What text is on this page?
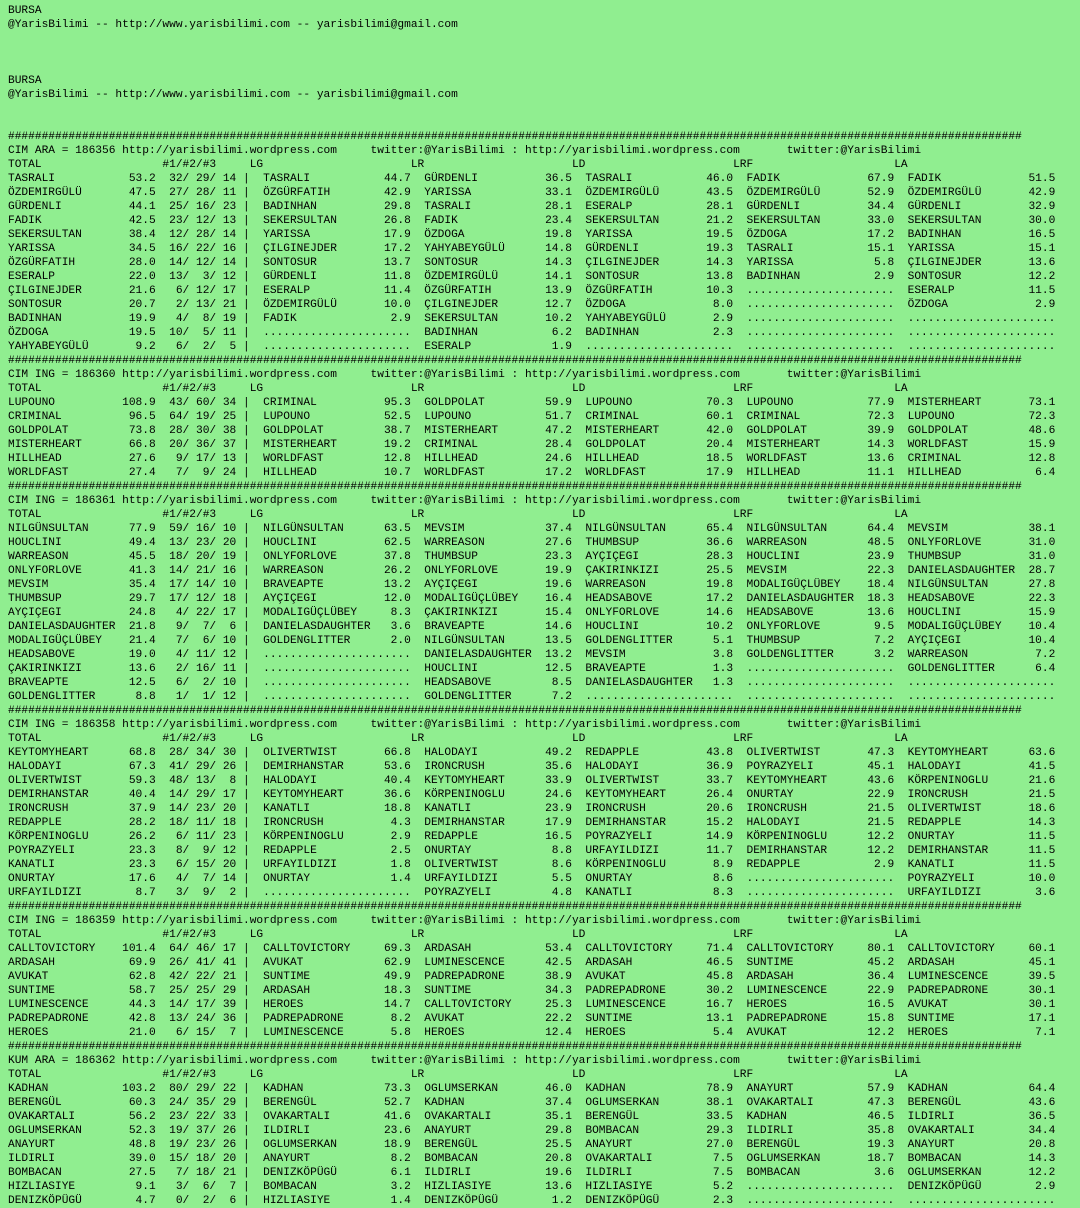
BURSA
@YarisBilimi -- http://www.yarisbilimi.com -- yarisbilimi@gmail.com

BURSA
@YarisBilimi -- http://www.yarisbilimi.com -- yarisbilimi@gmail.com

#######################################################################################################################################################
CIM ARA = 186356 http://yarisbilimi.wordpress.com     twitter:@YarisBilimi : http://yarisbilimi.wordpress.com       twitter:@YarisBilimi
TOTAL                  #1/#2/#3     LG                      LR                      LD                      LRF                     LA
TASRALI           53.2  32/ 29/ 14 |  TASRALI           44.7  GÜRDENLI          36.5  TASRALI           46.0  FADIK             67.9  FADIK             51.5
ÖZDEMIRGÜLÜ       47.5  27/ 28/ 11 |  ÖZGÜRFATIH        42.9  YARISSA           33.1  ÖZDEMIRGÜLÜ       43.5  ÖZDEMIRGÜLÜ       52.9  ÖZDEMIRGÜLÜ       42.9
GÜRDENLI          44.1  25/ 16/ 23 |  BADINHAN          29.8  TASRALI           28.1  ESERALP           28.1  GÜRDENLI          34.4  GÜRDENLI          32.9
FADIK             42.5  23/ 12/ 13 |  SEKERSULTAN       26.8  FADIK             23.4  SEKERSULTAN       21.2  SEKERSULTAN       33.0  SEKERSULTAN       30.0
SEKERSULTAN       38.4  12/ 28/ 14 |  YARISSA           17.9  ÖZDOGA            19.8  YARISSA           19.5  ÖZDOGA            17.2  BADINHAN          16.5
YARISSA           34.5  16/ 22/ 16 |  ÇILGINEJDER       17.2  YAHYABEYGÜLÜ      14.8  GÜRDENLI          19.3  TASRALI           15.1  YARISSA           15.1
ÖZGÜRFATIH        28.0  14/ 12/ 14 |  SONTOSUR          13.7  SONTOSUR          14.3  ÇILGINEJDER       14.3  YARISSA            5.8  ÇILGINEJDER       13.6
ESERALP           22.0  13/  3/ 12 |  GÜRDENLI          11.8  ÖZDEMIRGÜLÜ       14.1  SONTOSUR          13.8  BADINHAN           2.9  SONTOSUR          12.2
ÇILGINEJDER       21.6   6/ 12/ 17 |  ESERALP           11.4  ÖZGÜRFATIH        13.9  ÖZGÜRFATIH        10.3  ......................  ESERALP           11.5
SONTOSUR          20.7   2/ 13/ 21 |  ÖZDEMIRGÜLÜ       10.0  ÇILGINEJDER       12.7  ÖZDOGA             8.0  ......................  ÖZDOGA             2.9
BADINHAN          19.9   4/  8/ 19 |  FADIK              2.9  SEKERSULTAN       10.2  YAHYABEYGÜLÜ       2.9  ......................  ......................
ÖZDOGA            19.5  10/  5/ 11 |  ......................  BADINHAN           6.2  BADINHAN           2.3  ......................  ......................
YAHYABEYGÜLÜ       9.2   6/  2/  5 |  ......................  ESERALP            1.9  ......................  ......................  ......................
#######################################################################################################################################################
CIM ING = 186360 http://yarisbilimi.wordpress.com     twitter:@YarisBilimi : http://yarisbilimi.wordpress.com       twitter:@YarisBilimi
TOTAL                  #1/#2/#3     LG                      LR                      LD                      LRF                     LA
LUPOUNO          108.9  43/ 60/ 34 |  CRIMINAL          95.3  GOLDPOLAT         59.9  LUPOUNO           70.3  LUPOUNO           77.9  MISTERHEART       73.1
CRIMINAL          96.5  64/ 19/ 25 |  LUPOUNO           52.5  LUPOUNO           51.7  CRIMINAL          60.1  CRIMINAL          72.3  LUPOUNO           72.3
GOLDPOLAT         73.8  28/ 30/ 38 |  GOLDPOLAT         38.7  MISTERHEART       47.2  MISTERHEART       42.0  GOLDPOLAT         39.9  GOLDPOLAT         48.6
MISTERHEART       66.8  20/ 36/ 37 |  MISTERHEART       19.2  CRIMINAL          28.4  GOLDPOLAT         20.4  MISTERHEART       14.3  WORLDFAST         15.9
HILLHEAD          27.6   9/ 17/ 13 |  WORLDFAST         12.8  HILLHEAD          24.6  HILLHEAD          18.5  WORLDFAST         13.6  CRIMINAL          12.8
WORLDFAST         27.4   7/  9/ 24 |  HILLHEAD          10.7  WORLDFAST         17.2  WORLDFAST         17.9  HILLHEAD          11.1  HILLHEAD           6.4
#######################################################################################################################################################
CIM ING = 186361 http://yarisbilimi.wordpress.com     twitter:@YarisBilimi : http://yarisbilimi.wordpress.com       twitter:@YarisBilimi
TOTAL                  #1/#2/#3     LG                      LR                      LD                      LRF                     LA
NILGÜNSULTAN      77.9  59/ 16/ 10 |  NILGÜNSULTAN      63.5  MEVSIM            37.4  NILGÜNSULTAN      65.4  NILGÜNSULTAN      64.4  MEVSIM            38.1
HOUCLINI          49.4  13/ 23/ 20 |  HOUCLINI          62.5  WARREASON         27.6  THUMBSUP          36.6  WARREASON         48.5  ONLYFORLOVE       31.0
WARREASON         45.5  18/ 20/ 19 |  ONLYFORLOVE       37.8  THUMBSUP          23.3  AYÇIÇEGI          28.3  HOUCLINI          23.9  THUMBSUP          31.0
ONLYFORLOVE       41.3  14/ 21/ 16 |  WARREASON         26.2  ONLYFORLOVE       19.9  ÇAKIRINKIZI       25.5  MEVSIM            22.3  DANIELASDAUGHTER  28.7
MEVSIM            35.4  17/ 14/ 10 |  BRAVEAPTE         13.2  AYÇIÇEGI          19.6  WARREASON         19.8  MODALIGÜÇLÜBEY    18.4  NILGÜNSULTAN      27.8
THUMBSUP          29.7  17/ 12/ 18 |  AYÇIÇEGI          12.0  MODALIGÜÇLÜBEY    16.4  HEADSABOVE        17.2  DANIELASDAUGHTER  18.3  HEADSABOVE        22.3
AYÇIÇEGI          24.8   4/ 22/ 17 |  MODALIGÜÇLÜBEY     8.3  ÇAKIRINKIZI       15.4  ONLYFORLOVE       14.6  HEADSABOVE        13.6  HOUCLINI          15.9
DANIELASDAUGHTER  21.8   9/  7/  6 |  DANIELASDAUGHTER   3.6  BRAVEAPTE         14.6  HOUCLINI          10.2  ONLYFORLOVE        9.5  MODALIGÜÇLÜBEY    10.4
MODALIGÜÇLÜBEY    21.4   7/  6/ 10 |  GOLDENGLITTER      2.0  NILGÜNSULTAN      13.5  GOLDENGLITTER      5.1  THUMBSUP           7.2  AYÇIÇEGI          10.4
HEADSABOVE        19.0   4/ 11/ 12 |  ......................  DANIELASDAUGHTER  13.2  MEVSIM             3.8  GOLDENGLITTER      3.2  WARREASON          7.2
ÇAKIRINKIZI       13.6   2/ 16/ 11 |  ......................  HOUCLINI          12.5  BRAVEAPTE          1.3  ......................  GOLDENGLITTER      6.4
BRAVEAPTE         12.5   6/  2/ 10 |  ......................  HEADSABOVE         8.5  DANIELASDAUGHTER   1.3  ......................  ......................
GOLDENGLITTER      8.8   1/  1/ 12 |  ......................  GOLDENGLITTER      7.2  ......................  ......................  ......................
#######################################################################################################################################################
CIM ING = 186358 http://yarisbilimi.wordpress.com     twitter:@YarisBilimi : http://yarisbilimi.wordpress.com       twitter:@YarisBilimi
TOTAL                  #1/#2/#3     LG                      LR                      LD                      LRF                     LA
KEYTOMYHEART      68.8  28/ 34/ 30 |  OLIVERTWIST       66.8  HALODAYI          49.2  REDAPPLE          43.8  OLIVERTWIST       47.3  KEYTOMYHEART      63.6
HALODAYI          67.3  41/ 29/ 26 |  DEMIRHANSTAR      53.6  IRONCRUSH         35.6  HALODAYI          36.9  POYRAZYELI        45.1  HALODAYI          41.5
OLIVERTWIST       59.3  48/ 13/  8 |  HALODAYI          40.4  KEYTOMYHEART      33.9  OLIVERTWIST       33.7  KEYTOMYHEART      43.6  KÖRPENINOGLU      21.6
DEMIRHANSTAR      40.4  14/ 29/ 17 |  KEYTOMYHEART      36.6  KÖRPENINOGLU      24.6  KEYTOMYHEART      26.4  ONURTAY           22.9  IRONCRUSH         21.5
IRONCRUSH         37.9  14/ 23/ 20 |  KANATLI           18.8  KANATLI           23.9  IRONCRUSH         20.6  IRONCRUSH         21.5  OLIVERTWIST       18.6
REDAPPLE          28.2  18/ 11/ 18 |  IRONCRUSH          4.3  DEMIRHANSTAR      17.9  DEMIRHANSTAR      15.2  HALODAYI          21.5  REDAPPLE          14.3
KÖRPENINOGLU      26.2   6/ 11/ 23 |  KÖRPENINOGLU       2.9  REDAPPLE          16.5  POYRAZYELI        14.9  KÖRPENINOGLU      12.2  ONURTAY           11.5
POYRAZYELI        23.3   8/  9/ 12 |  REDAPPLE           2.5  ONURTAY            8.8  URFAYILDIZI       11.7  DEMIRHANSTAR      12.2  DEMIRHANSTAR      11.5
KANATLI           23.3   6/ 15/ 20 |  URFAYILDIZI        1.8  OLIVERTWIST        8.6  KÖRPENINOGLU       8.9  REDAPPLE           2.9  KANATLI           11.5
ONURTAY           17.6   4/  7/ 14 |  ONURTAY            1.4  URFAYILDIZI        5.5  ONURTAY            8.6  ......................  POYRAZYELI        10.0
URFAYILDIZI        8.7   3/  9/  2 |  ......................  POYRAZYELI         4.8  KANATLI            8.3  ......................  URFAYILDIZI        3.6
#######################################################################################################################################################
CIM ING = 186359 http://yarisbilimi.wordpress.com     twitter:@YarisBilimi : http://yarisbilimi.wordpress.com       twitter:@YarisBilimi
TOTAL                  #1/#2/#3     LG                      LR                      LD                      LRF                     LA
CALLTOVICTORY    101.4  64/ 46/ 17 |  CALLTOVICTORY     69.3  ARDASAH           53.4  CALLTOVICTORY     71.4  CALLTOVICTORY     80.1  CALLTOVICTORY     60.1
ARDASAH           69.9  26/ 41/ 41 |  AVUKAT            62.9  LUMINESCENCE      42.5  ARDASAH           46.5  SUNTIME           45.2  ARDASAH           45.1
AVUKAT            62.8  42/ 22/ 21 |  SUNTIME           49.9  PADREPADRONE      38.9  AVUKAT            45.8  ARDASAH           36.4  LUMINESCENCE      39.5
SUNTIME           58.7  25/ 25/ 29 |  ARDASAH           18.3  SUNTIME           34.3  PADREPADRONE      30.2  LUMINESCENCE      22.9  PADREPADRONE      30.1
LUMINESCENCE      44.3  14/ 17/ 39 |  HEROES            14.7  CALLTOVICTORY     25.3  LUMINESCENCE      16.7  HEROES            16.5  AVUKAT            30.1
PADREPADRONE      42.8  13/ 24/ 36 |  PADREPADRONE       8.2  AVUKAT            22.2  SUNTIME           13.1  PADREPADRONE      15.8  SUNTIME           17.1
HEROES            21.0   6/ 15/  7 |  LUMINESCENCE       5.8  HEROES            12.4  HEROES             5.4  AVUKAT            12.2  HEROES             7.1
#######################################################################################################################################################
KUM ARA = 186362 http://yarisbilimi.wordpress.com     twitter:@YarisBilimi : http://yarisbilimi.wordpress.com       twitter:@YarisBilimi
TOTAL                  #1/#2/#3     LG                      LR                      LD                      LRF                     LA
KADHAN           103.2  80/ 29/ 22 |  KADHAN            73.3  OGLUMSERKAN       46.0  KADHAN            78.9  ANAYURT           57.9  KADHAN            64.4
BERENGÜL          60.3  24/ 35/ 29 |  BERENGÜL          52.7  KADHAN            37.4  OGLUMSERKAN       38.1  OVAKARTALI        47.3  BERENGÜL          43.6
OVAKARTALI        56.2  23/ 22/ 33 |  OVAKARTALI        41.6  OVAKARTALI        35.1  BERENGÜL          33.5  KADHAN            46.5  ILDIRLI           36.5
OGLUMSERKAN       52.3  19/ 37/ 26 |  ILDIRLI           23.6  ANAYURT           29.8  BOMBACAN          29.3  ILDIRLI           35.8  OVAKARTALI        34.4
ANAYURT           48.8  19/ 23/ 26 |  OGLUMSERKAN       18.9  BERENGÜL          25.5  ANAYURT           27.0  BERENGÜL          19.3  ANAYURT           20.8
ILDIRLI           39.0  15/ 18/ 20 |  ANAYURT            8.2  BOMBACAN          20.8  OVAKARTALI         7.5  OGLUMSERKAN       18.7  BOMBACAN          14.3
BOMBACAN          27.5   7/ 18/ 21 |  DENIZKÖPÜGÜ        6.1  ILDIRLI           19.6  ILDIRLI            7.5  BOMBACAN           3.6  OGLUMSERKAN       12.2
HIZLIASIYE         9.1   3/  6/  7 |  BOMBACAN           3.2  HIZLIASIYE        13.6  HIZLIASIYE         5.2  ......................  DENIZKÖPÜGÜ        2.9
DENIZKÖPÜGÜ        4.7   0/  2/  6 |  HIZLIASIYE         1.4  DENIZKÖPÜGÜ        1.2  DENIZKÖPÜGÜ        2.3  ......................  ......................
